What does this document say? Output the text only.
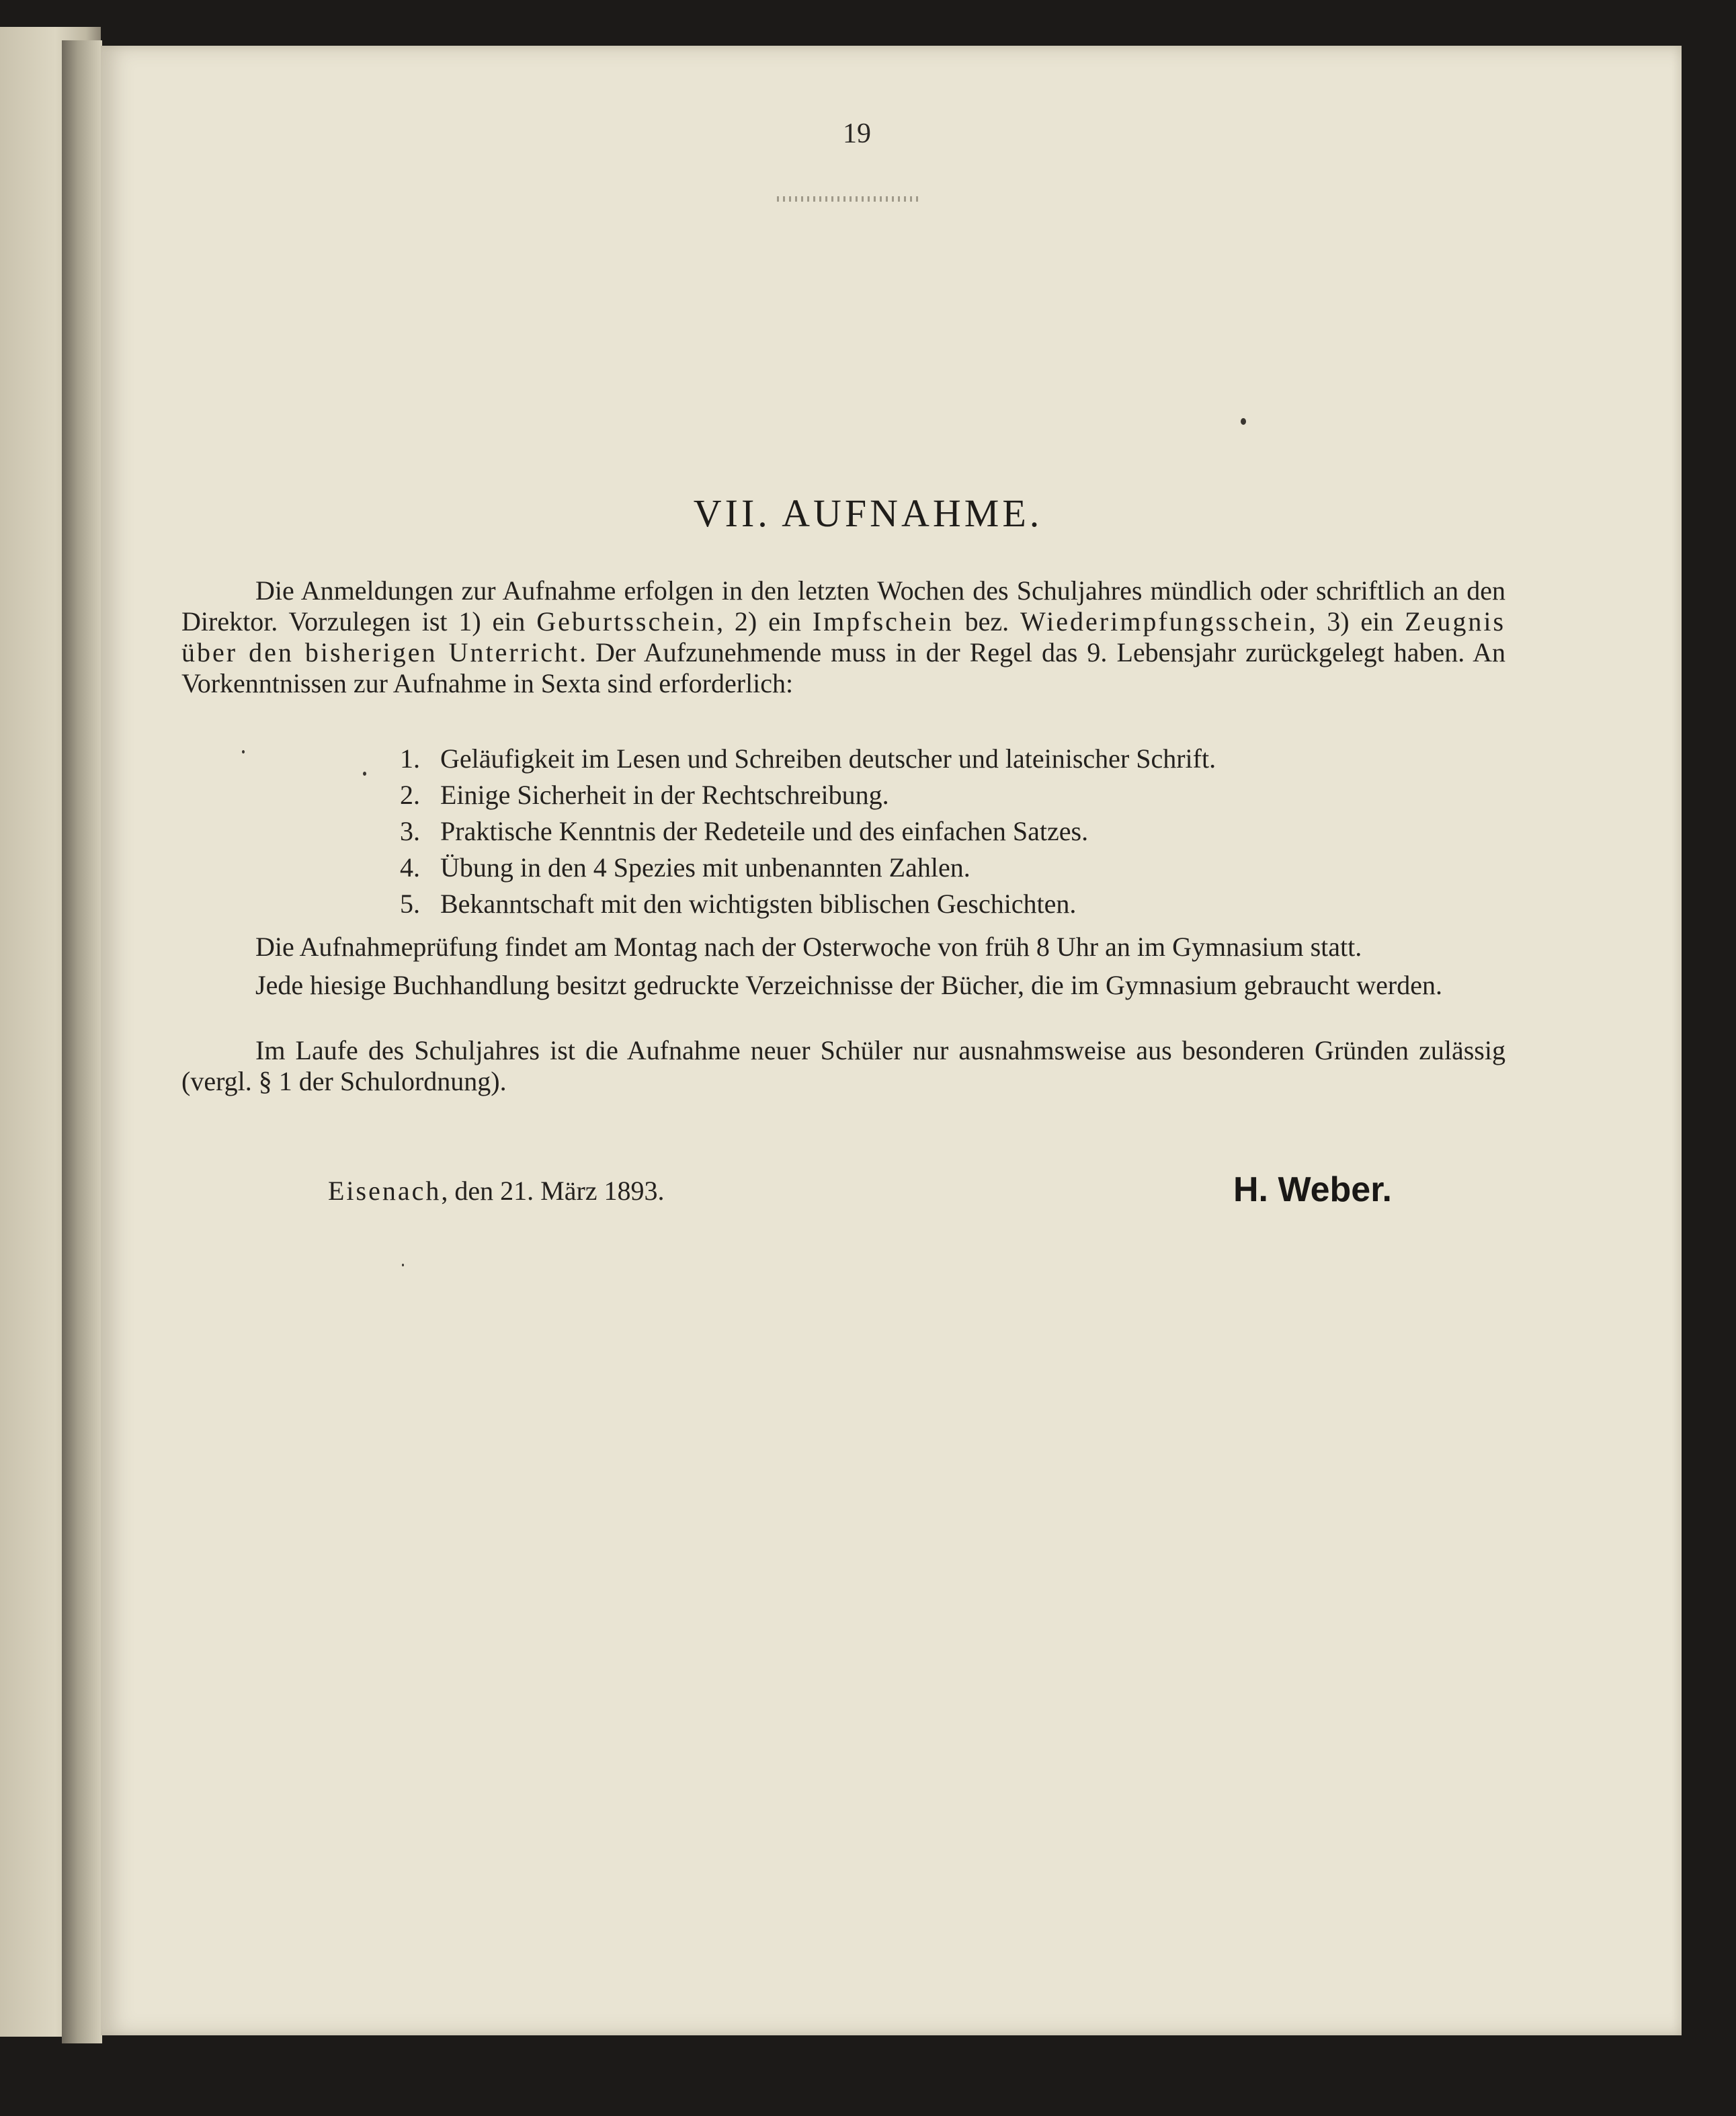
19
VII. AUFNAHME.
Die Anmeldungen zur Aufnahme erfolgen in den letzten Wochen des Schuljahres mündlich oder schriftlich an den Direktor. Vorzulegen ist 1) ein Geburtsschein, 2) ein Impfschein bez. Wiederimpfungsschein, 3) ein Zeugnis über den bisherigen Unterricht. Der Aufzunehmende muss in der Regel das 9. Lebensjahr zurückgelegt haben. An Vorkenntnissen zur Aufnahme in Sexta sind erforderlich:
1. Geläufigkeit im Lesen und Schreiben deutscher und lateinischer Schrift.
2. Einige Sicherheit in der Rechtschreibung.
3. Praktische Kenntnis der Redeteile und des einfachen Satzes.
4. Übung in den 4 Spezies mit unbenannten Zahlen.
5. Bekanntschaft mit den wichtigsten biblischen Geschichten.
Die Aufnahmeprüfung findet am Montag nach der Osterwoche von früh 8 Uhr an im Gymnasium statt.
Jede hiesige Buchhandlung besitzt gedruckte Verzeichnisse der Bücher, die im Gymnasium gebraucht werden.
Im Laufe des Schuljahres ist die Aufnahme neuer Schüler nur ausnahmsweise aus besonderen Gründen zulässig (vergl. § 1 der Schulordnung).
Eisenach, den 21. März 1893.	H. Weber.
